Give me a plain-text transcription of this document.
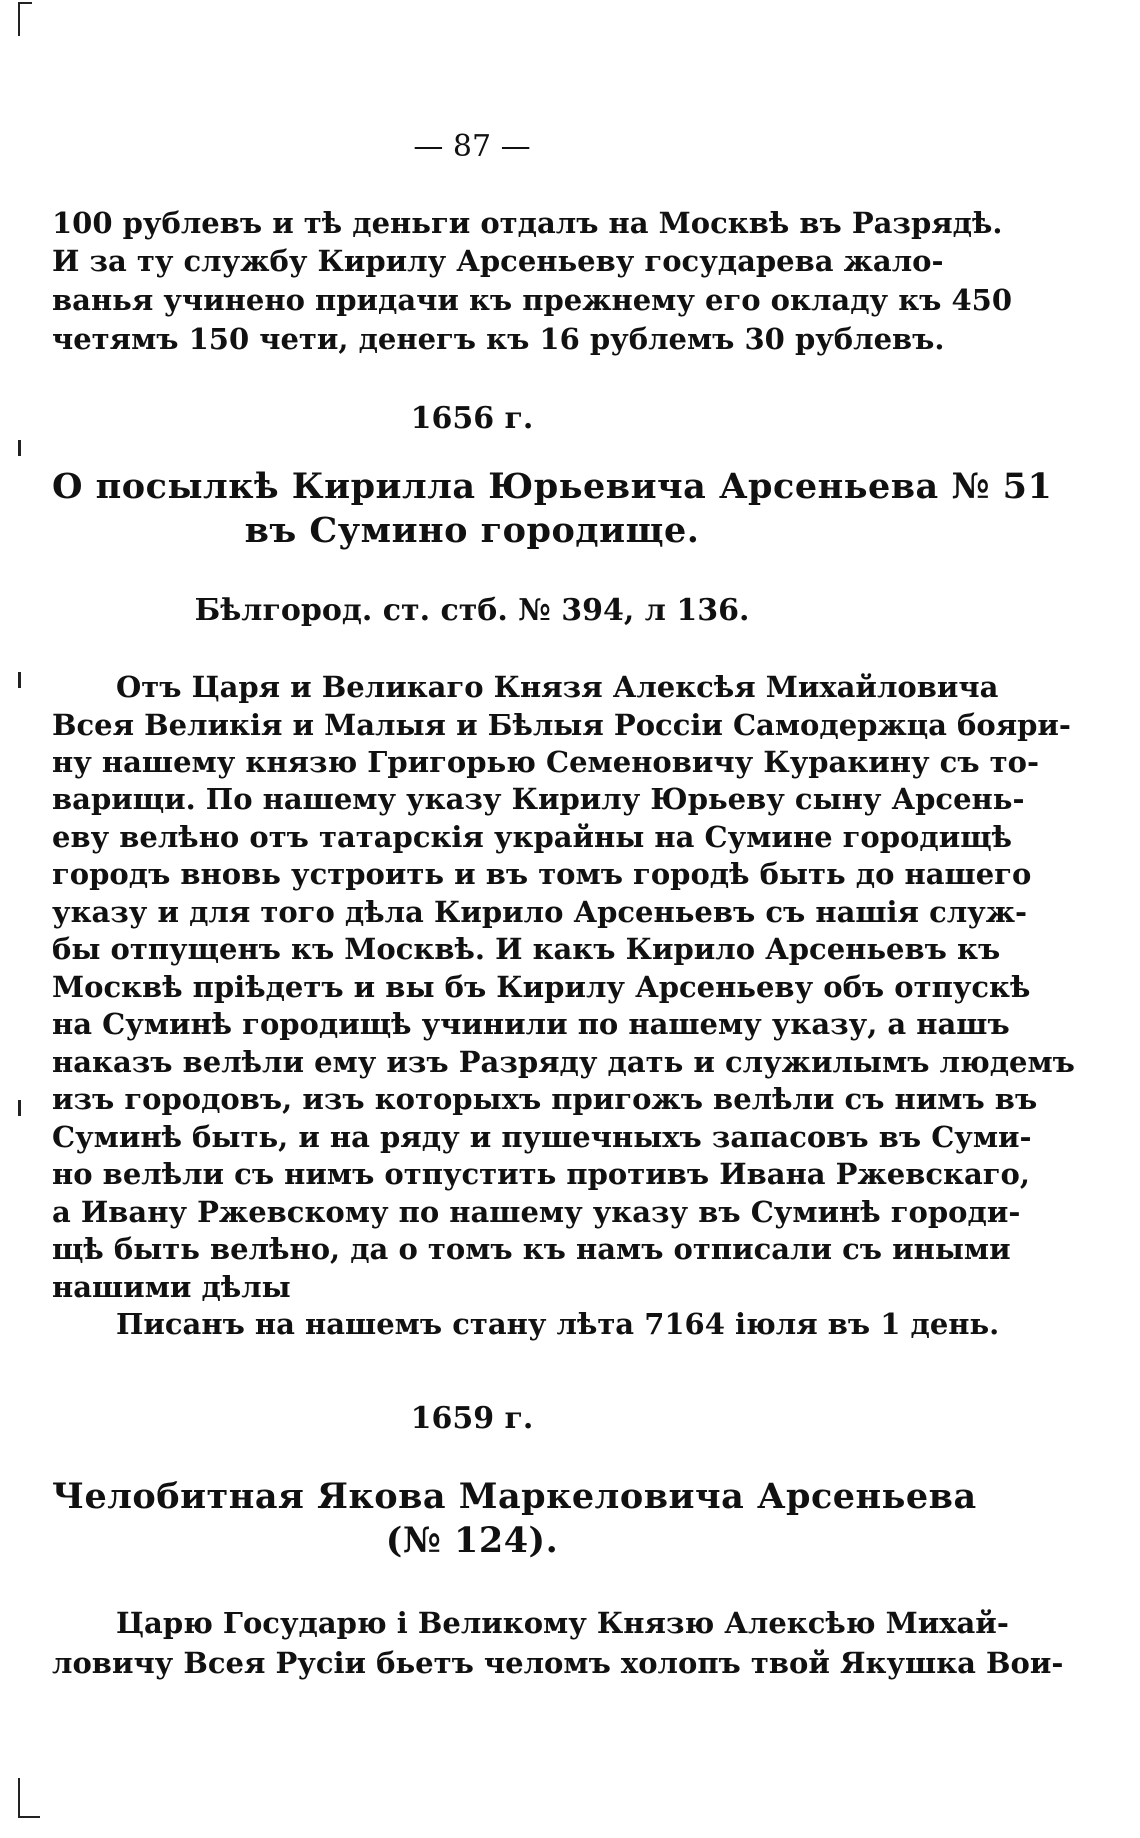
— 87 —
100 рублевъ и тѣ деньги отдалъ на Москвѣ въ Разрядѣ.
И за ту службу Кирилу Арсеньеву государева жало-
ванья учинено придачи къ прежнему его окладу къ 450
четямъ 150 чети, денегъ къ 16 рублемъ 30 рублевъ.
1656 г.
О посылкѣ Кирилла Юрьевича Арсеньева № 51
въ Сумино городище.
Бѣлгород. ст. стб. № 394, л 136.
Отъ Царя и Великаго Князя Алексѣя Михайловича
Всея Великія и Малыя и Бѣлыя Россіи Самодержца бояри-
ну нашему князю Григорью Семеновичу Куракину съ то-
варищи. По нашему указу Кирилу Юрьеву сыну Арсень-
еву велѣно отъ татарскія украйны на Сумине городищѣ
городъ вновь устроить и въ томъ городѣ быть до нашего
указу и для того дѣла Кирило Арсеньевъ съ нашія служ-
бы отпущенъ къ Москвѣ. И какъ Кирило Арсеньевъ къ
Москвѣ пріѣдетъ и вы бъ Кирилу Арсеньеву объ отпускѣ
на Суминѣ городищѣ учинили по нашему указу, а нашъ
наказъ велѣли ему изъ Разряду дать и служилымъ людемъ
изъ городовъ, изъ которыхъ пригожъ велѣли съ нимъ въ
Суминѣ быть, и на ряду и пушечныхъ запасовъ въ Суми-
но велѣли съ нимъ отпустить противъ Ивана Ржевскаго,
а Ивану Ржевскому по нашему указу въ Суминѣ городи-
щѣ быть велѣно, да о томъ къ намъ отписали съ иными
нашими дѣлы
Писанъ на нашемъ стану лѣта 7164 іюля въ 1 день.
1659 г.
Челобитная Якова Маркеловича Арсеньева
(№ 124).
Царю Государю і Великому Князю Алексѣю Михай-
ловичу Всея Русіи бьетъ челомъ холопъ твой Якушка Вои-
